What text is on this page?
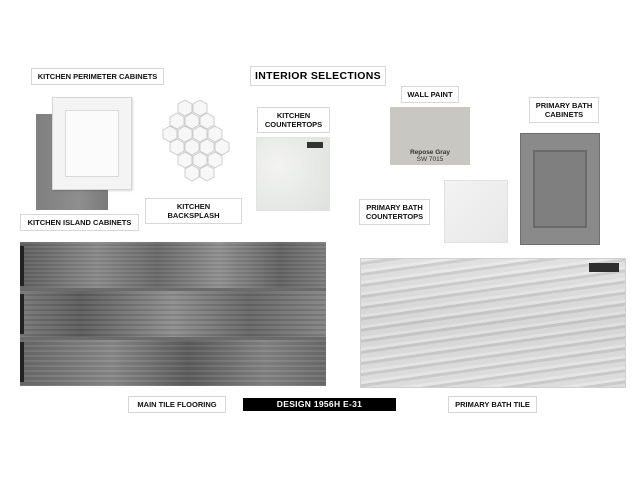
INTERIOR SELECTIONS
KITCHEN PERIMETER CABINETS
KITCHEN BACKSPLASH
KITCHEN
COUNTERTOPS
WALL PAINT
Repose Gray
SW 7015
PRIMARY BATH
CABINETS
PRIMARY BATH
COUNTERTOPS
KITCHEN ISLAND CABINETS
MAIN TILE FLOORING	DESIGN 1956H E-31	PRIMARY BATH TILE
